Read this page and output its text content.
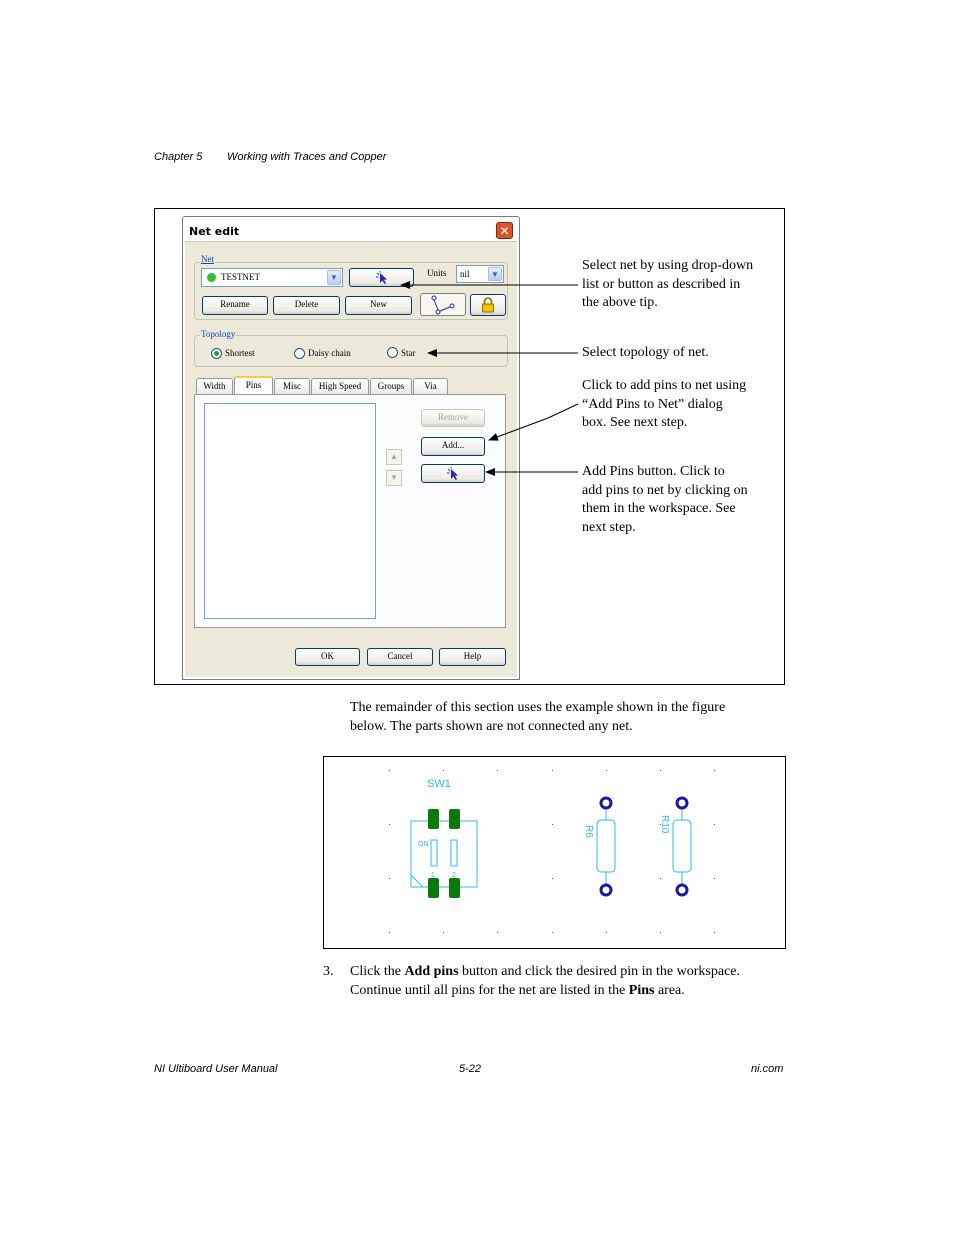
Chapter 5 Working with Traces and Copper
Net edit	✕
Net
TESTNET	▼	Units nil	▼
Rename	Delete	New
Topology
Shortest	Daisy chain	Star
Width	Pins	Misc	High Speed	Groups	Via
▲
▼
Remove
Add...
OK	Cancel	Help
Select net by using drop-down
list or button as described in
the above tip.
Select topology of net.
Click to add pins to net using
“Add Pins to Net” dialog
box. See next step.
Add Pins button. Click to
add pins to net by clicking on
them in the workspace. See
next step.
The remainder of this section uses the example shown in the figure
below. The parts shown are not connected any net.
SW1
ON
1 2
R6	R10
3. Click the Add pins button and click the desired pin in the workspace.
Continue until all pins for the net are listed in the Pins area.
NI Ultiboard User Manual	5-22	ni.com
